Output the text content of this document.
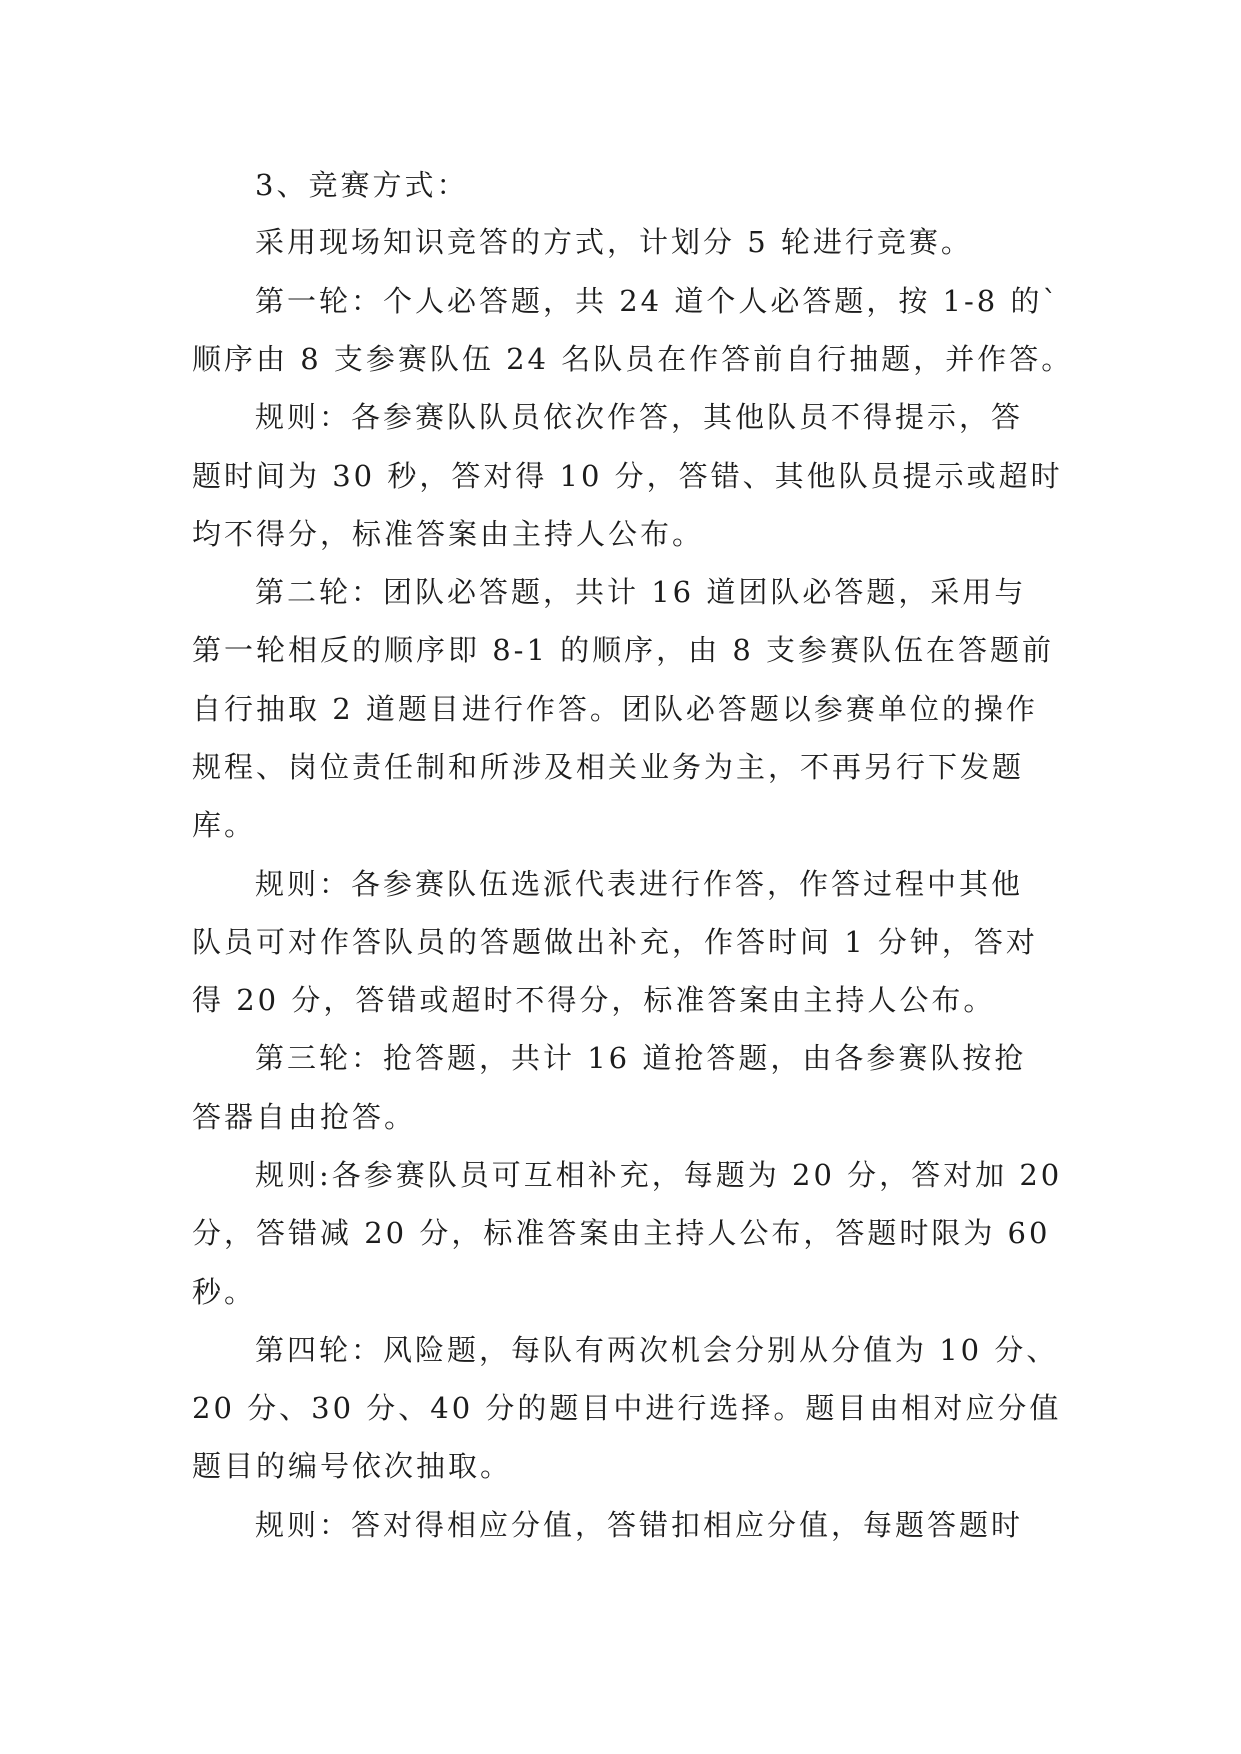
3、竞赛方式：
采用现场知识竞答的方式，计划分 5 轮进行竞赛。
第一轮：个人必答题，共 24 道个人必答题，按 1-8 的`
顺序由 8 支参赛队伍 24 名队员在作答前自行抽题，并作答。
规则：各参赛队队员依次作答，其他队员不得提示，答
题时间为 30 秒，答对得 10 分，答错、其他队员提示或超时
均不得分，标准答案由主持人公布。
第二轮：团队必答题，共计 16 道团队必答题，采用与
第一轮相反的顺序即 8-1 的顺序，由 8 支参赛队伍在答题前
自行抽取 2 道题目进行作答。团队必答题以参赛单位的操作
规程、岗位责任制和所涉及相关业务为主，不再另行下发题
库。
规则：各参赛队伍选派代表进行作答，作答过程中其他
队员可对作答队员的答题做出补充，作答时间 1 分钟，答对
得 20 分，答错或超时不得分，标准答案由主持人公布。
第三轮：抢答题，共计 16 道抢答题，由各参赛队按抢
答器自由抢答。
规则:各参赛队员可互相补充，每题为 20 分，答对加 20
分，答错减 20 分，标准答案由主持人公布，答题时限为 60
秒。
第四轮：风险题，每队有两次机会分别从分值为 10 分、
20 分、30 分、40 分的题目中进行选择。题目由相对应分值
题目的编号依次抽取。
规则：答对得相应分值，答错扣相应分值，每题答题时
